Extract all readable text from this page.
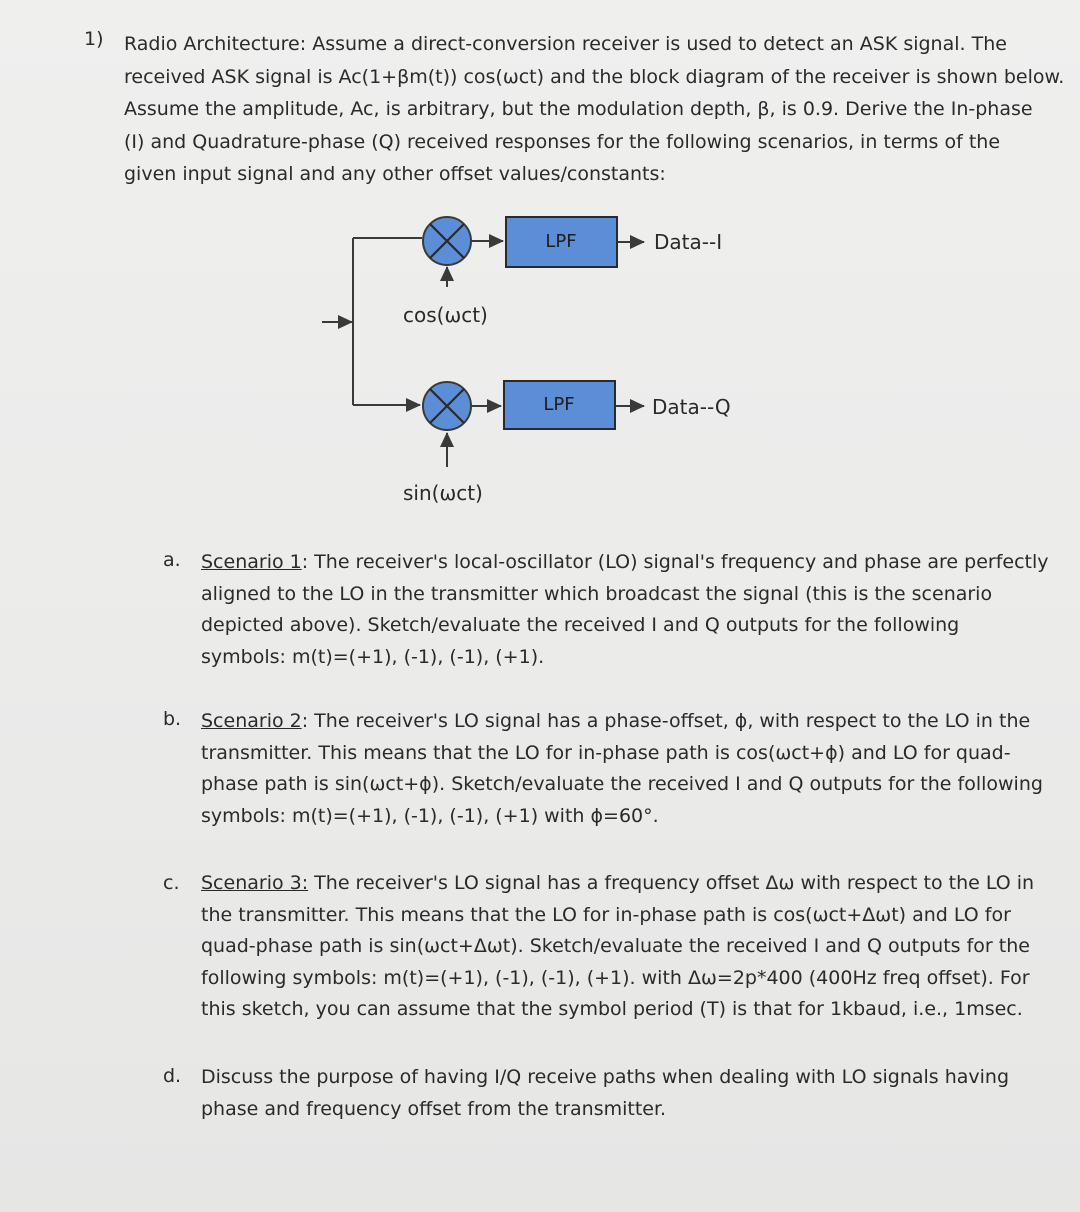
1) Radio Architecture: Assume a direct-conversion receiver is used to detect an ASK signal. The
received ASK signal is Ac(1+βm(t)) cos(ωct) and the block diagram of the receiver is shown below.
Assume the amplitude, Ac, is arbitrary, but the modulation depth, β, is 0.9. Derive the In-phase
(I) and Quadrature-phase (Q) received responses for the following scenarios, in terms of the
given input signal and any other offset values/constants:
LPF
LPF
Data--I
Data--Q
cos(ωct)
sin(ωct)
a. Scenario 1: The receiver's local-oscillator (LO) signal's frequency and phase are perfectly
aligned to the LO in the transmitter which broadcast the signal (this is the scenario
depicted above). Sketch/evaluate the received I and Q outputs for the following
symbols: m(t)=(+1), (-1), (-1), (+1).
b. Scenario 2: The receiver's LO signal has a phase-offset, ϕ, with respect to the LO in the
transmitter. This means that the LO for in-phase path is cos(ωct+ϕ) and LO for quad-
phase path is sin(ωct+ϕ). Sketch/evaluate the received I and Q outputs for the following
symbols: m(t)=(+1), (-1), (-1), (+1) with ϕ=60°.
c. Scenario 3: The receiver's LO signal has a frequency offset Δω with respect to the LO in
the transmitter. This means that the LO for in-phase path is cos(ωct+Δωt) and LO for
quad-phase path is sin(ωct+Δωt). Sketch/evaluate the received I and Q outputs for the
following symbols: m(t)=(+1), (-1), (-1), (+1). with Δω=2p*400 (400Hz freq offset). For
this sketch, you can assume that the symbol period (T) is that for 1kbaud, i.e., 1msec.
d. Discuss the purpose of having I/Q receive paths when dealing with LO signals having
phase and frequency offset from the transmitter.
